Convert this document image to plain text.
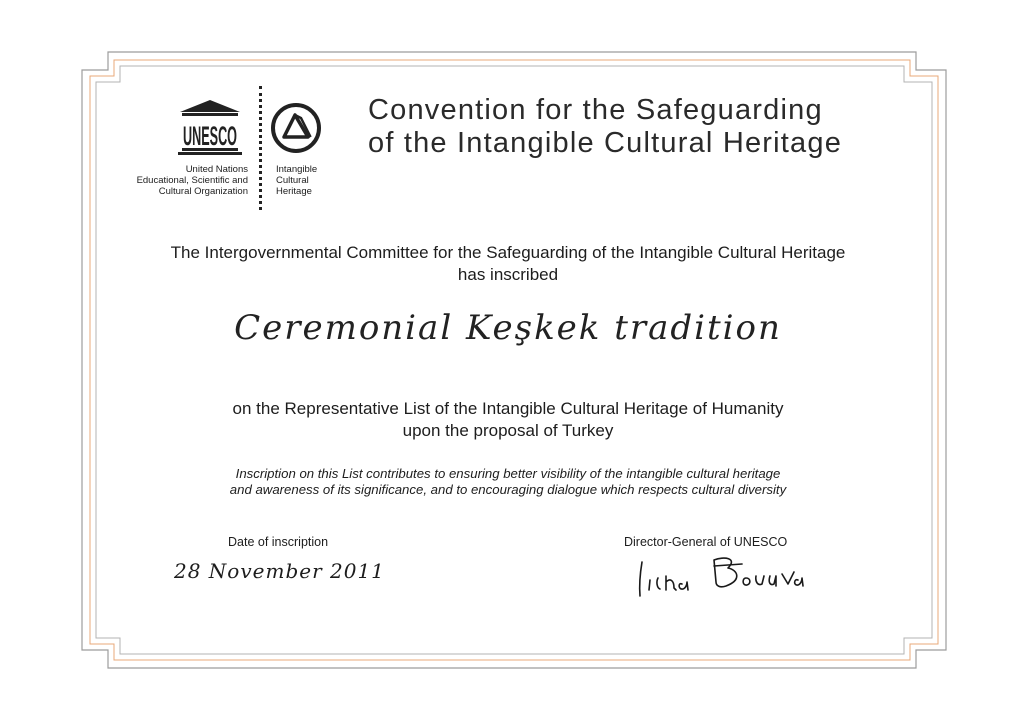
UNESCO
United Nations
Educational, Scientific and
Cultural Organization
Intangible
Cultural
Heritage
Convention for the Safeguarding
of the Intangible Cultural Heritage
The Intergovernmental Committee for the Safeguarding of the Intangible Cultural Heritage
has inscribed
Ceremonial Keşkek tradition
on the Representative List of the Intangible Cultural Heritage of Humanity
upon the proposal of Turkey
Inscription on this List contributes to ensuring better visibility of the intangible cultural heritage
and awareness of its significance, and to encouraging dialogue which respects cultural diversity
Date of inscription
28 November 2011
Director-General of UNESCO
